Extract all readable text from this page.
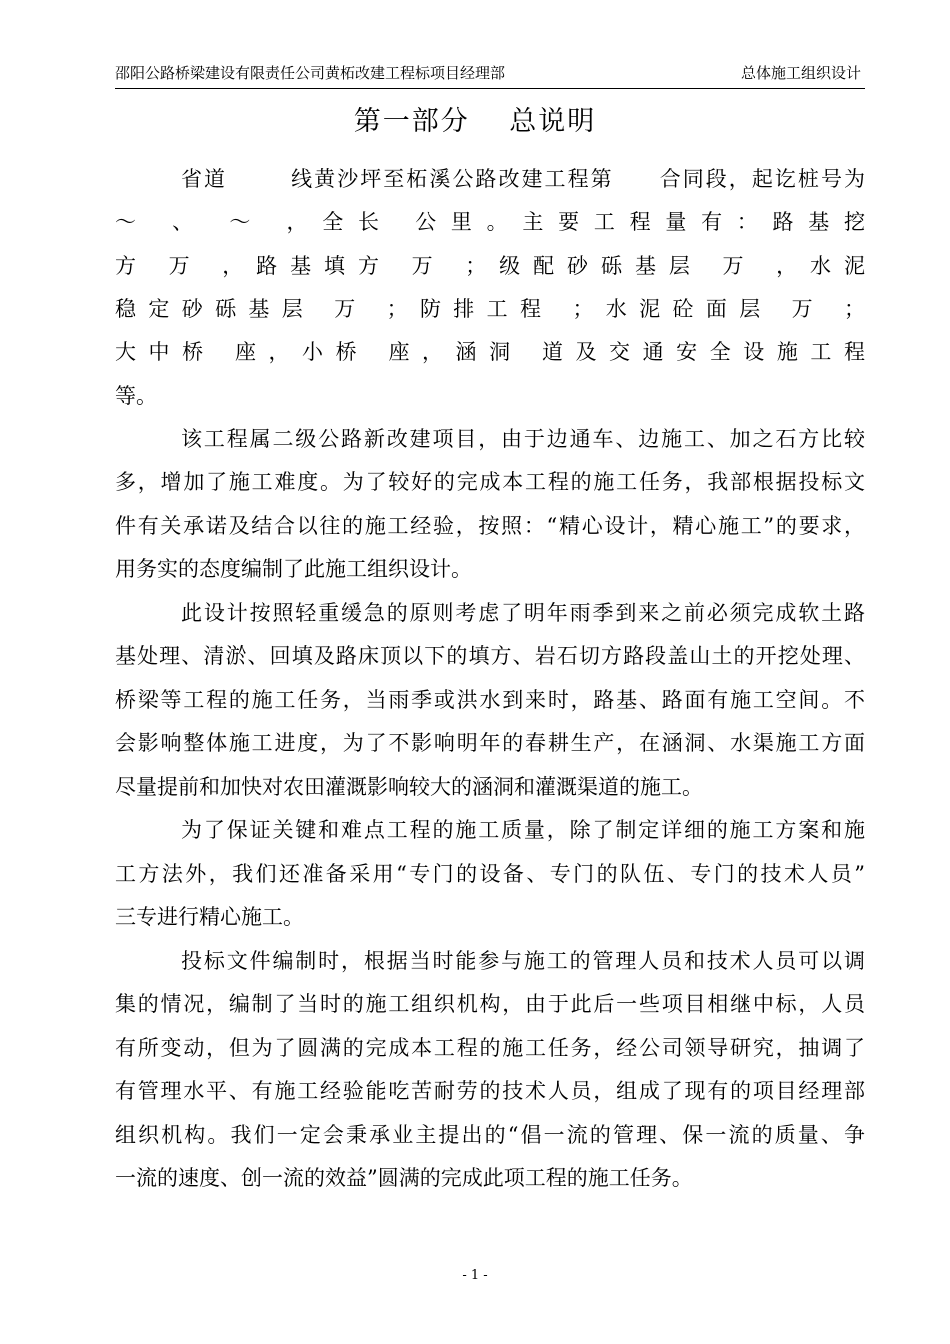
邵阳公路桥梁建设有限责任公司黄柘改建工程标项目经理部	总体施工组织设计
第一部分　 总说明
省道	线黄沙坪至柘溪公路改建工程第 合同段，起讫桩号为
～ 、 ～ ，全长 公里。主要工程量有：路基挖
方 万 ，路基填方 万 ；级配砂砾基层 万 ，水泥
稳定砂砾基层 万 ；防排工程 ；水泥砼面层 万 ；
大中桥 座，小桥 座，涵洞 道及交通安全设施工程
等。
该工程属二级公路新改建项目，由于边通车、边施工、加之石方比较
多，增加了施工难度。为了较好的完成本工程的施工任务，我部根据投标文
件有关承诺及结合以往的施工经验，按照：“精心设计，精心施工”的要求，
用务实的态度编制了此施工组织设计。
此设计按照轻重缓急的原则考虑了明年雨季到来之前必须完成软土路
基处理、清淤、回填及路床顶以下的填方、岩石切方路段盖山土的开挖处理、
桥梁等工程的施工任务，当雨季或洪水到来时，路基、路面有施工空间。不
会影响整体施工进度，为了不影响明年的春耕生产，在涵洞、水渠施工方面
尽量提前和加快对农田灌溉影响较大的涵洞和灌溉渠道的施工。
为了保证关键和难点工程的施工质量，除了制定详细的施工方案和施
工方法外，我们还准备采用“专门的设备、专门的队伍、专门的技术人员”
三专进行精心施工。
投标文件编制时，根据当时能参与施工的管理人员和技术人员可以调
集的情况，编制了当时的施工组织机构，由于此后一些项目相继中标，人员
有所变动，但为了圆满的完成本工程的施工任务，经公司领导研究，抽调了
有管理水平、有施工经验能吃苦耐劳的技术人员，组成了现有的项目经理部
组织机构。我们一定会秉承业主提出的“倡一流的管理、保一流的质量、争
一流的速度、创一流的效益”圆满的完成此项工程的施工任务。
- 1 -
